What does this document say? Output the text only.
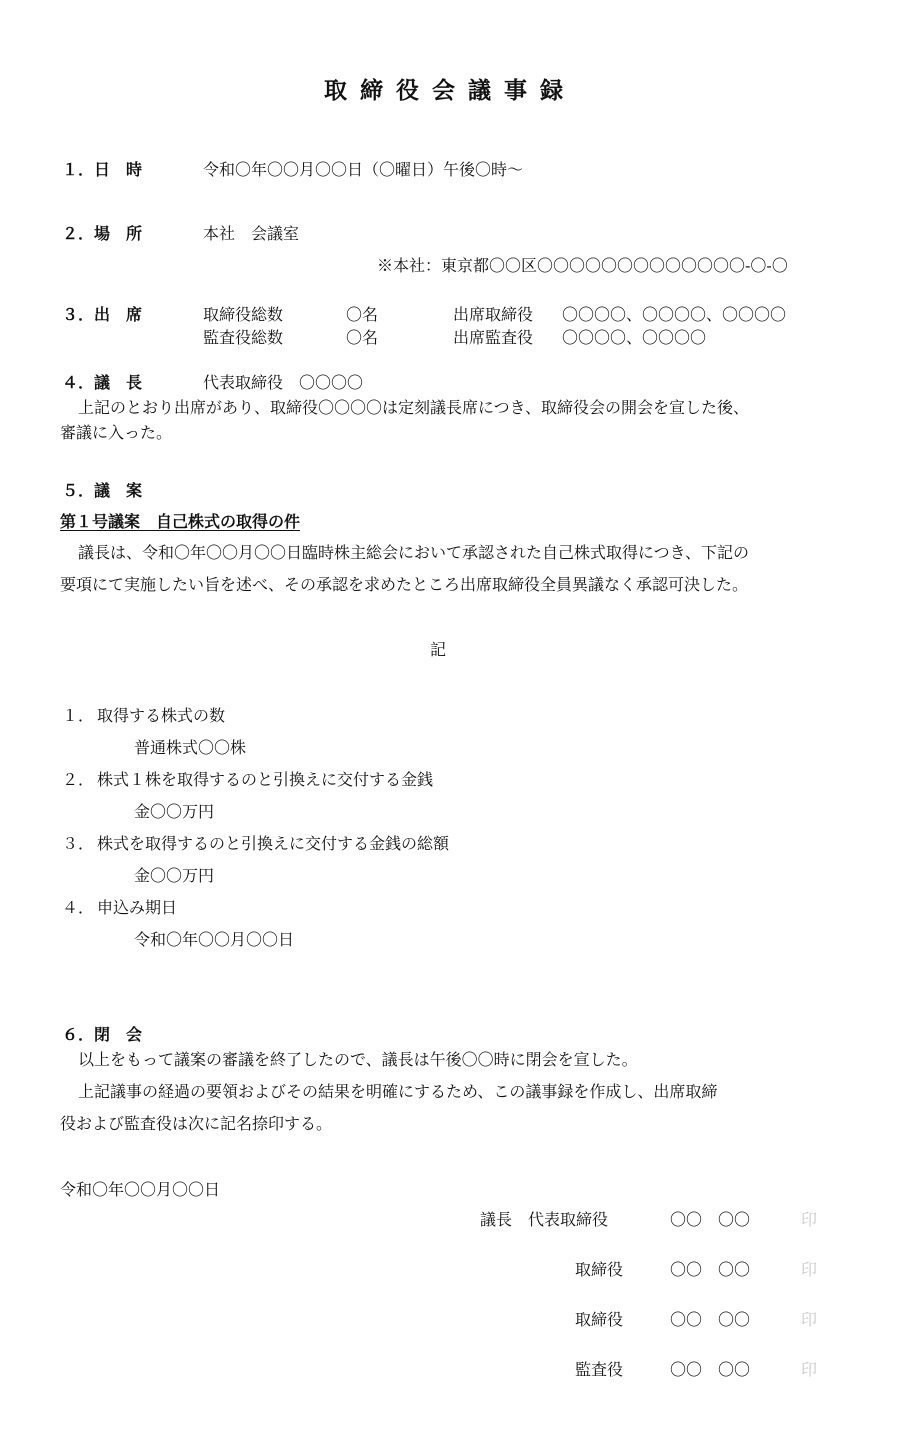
取締役会議事録
１．日　時	令和〇年〇〇月〇〇日（〇曜日）午後〇時～
２．場　所	本社　会議室
※本社：東京都〇〇区〇〇〇〇〇〇〇〇〇〇〇〇〇-〇-〇
３．出　席	取締役総数	〇名	出席取締役 〇〇〇〇、〇〇〇〇、〇〇〇〇
監査役総数	〇名	出席監査役 〇〇〇〇、〇〇〇〇
４．議　長	代表取締役　〇〇〇〇
上記のとおり出席があり、取締役〇〇〇〇は定刻議長席につき、取締役会の開会を宣した後、
審議に入った。
５．議　案
第１号議案　自己株式の取得の件
議長は、令和〇年〇〇月〇〇日臨時株主総会において承認された自己株式取得につき、下記の
要項にて実施したい旨を述べ、その承認を求めたところ出席取締役全員異議なく承認可決した。
記
１． 取得する株式の数
普通株式〇〇株
２． 株式１株を取得するのと引換えに交付する金銭
金〇〇万円
３． 株式を取得するのと引換えに交付する金銭の総額
金〇〇万円
４． 申込み期日
令和〇年〇〇月〇〇日
６．閉　会
以上をもって議案の審議を終了したので、議長は午後〇〇時に閉会を宣した。
上記議事の経過の要領およびその結果を明確にするため、この議事録を作成し、出席取締
役および監査役は次に記名捺印する。
令和〇年〇〇月〇〇日
議長　代表取締役	〇〇　〇〇	印
取締役	〇〇　〇〇	印
取締役	〇〇　〇〇	印
監査役	〇〇　〇〇	印
